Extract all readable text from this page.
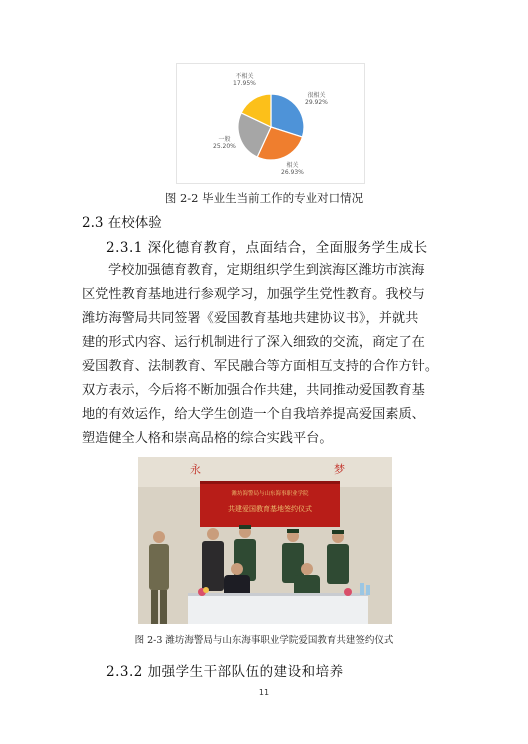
不相关
17.95%
很相关
29.92%
一般
25.20%
相关
26.93%
图 2-2 毕业生当前工作的专业对口情况
2.3 在校体验
2.3.1 深化德育教育，点面结合，全面服务学生成长
学校加强德育教育，定期组织学生到滨海区潍坊市滨海
区党性教育基地进行参观学习，加强学生党性教育。我校与
潍坊海警局共同签署《爱国教育基地共建协议书》，并就共
建的形式内容、运行机制进行了深入细致的交流，商定了在
爱国教育、法制教育、军民融合等方面相互支持的合作方针。
双方表示，今后将不断加强合作共建，共同推动爱国教育基
地的有效运作，给大学生创造一个自我培养提高爱国素质、
塑造健全人格和崇高品格的综合实践平台。
潍坊海警局与山东海事职业学院
共建爱国教育基地签约仪式
永	梦
图 2-3 潍坊海警局与山东海事职业学院爱国教育共建签约仪式
2.3.2 加强学生干部队伍的建设和培养
11
